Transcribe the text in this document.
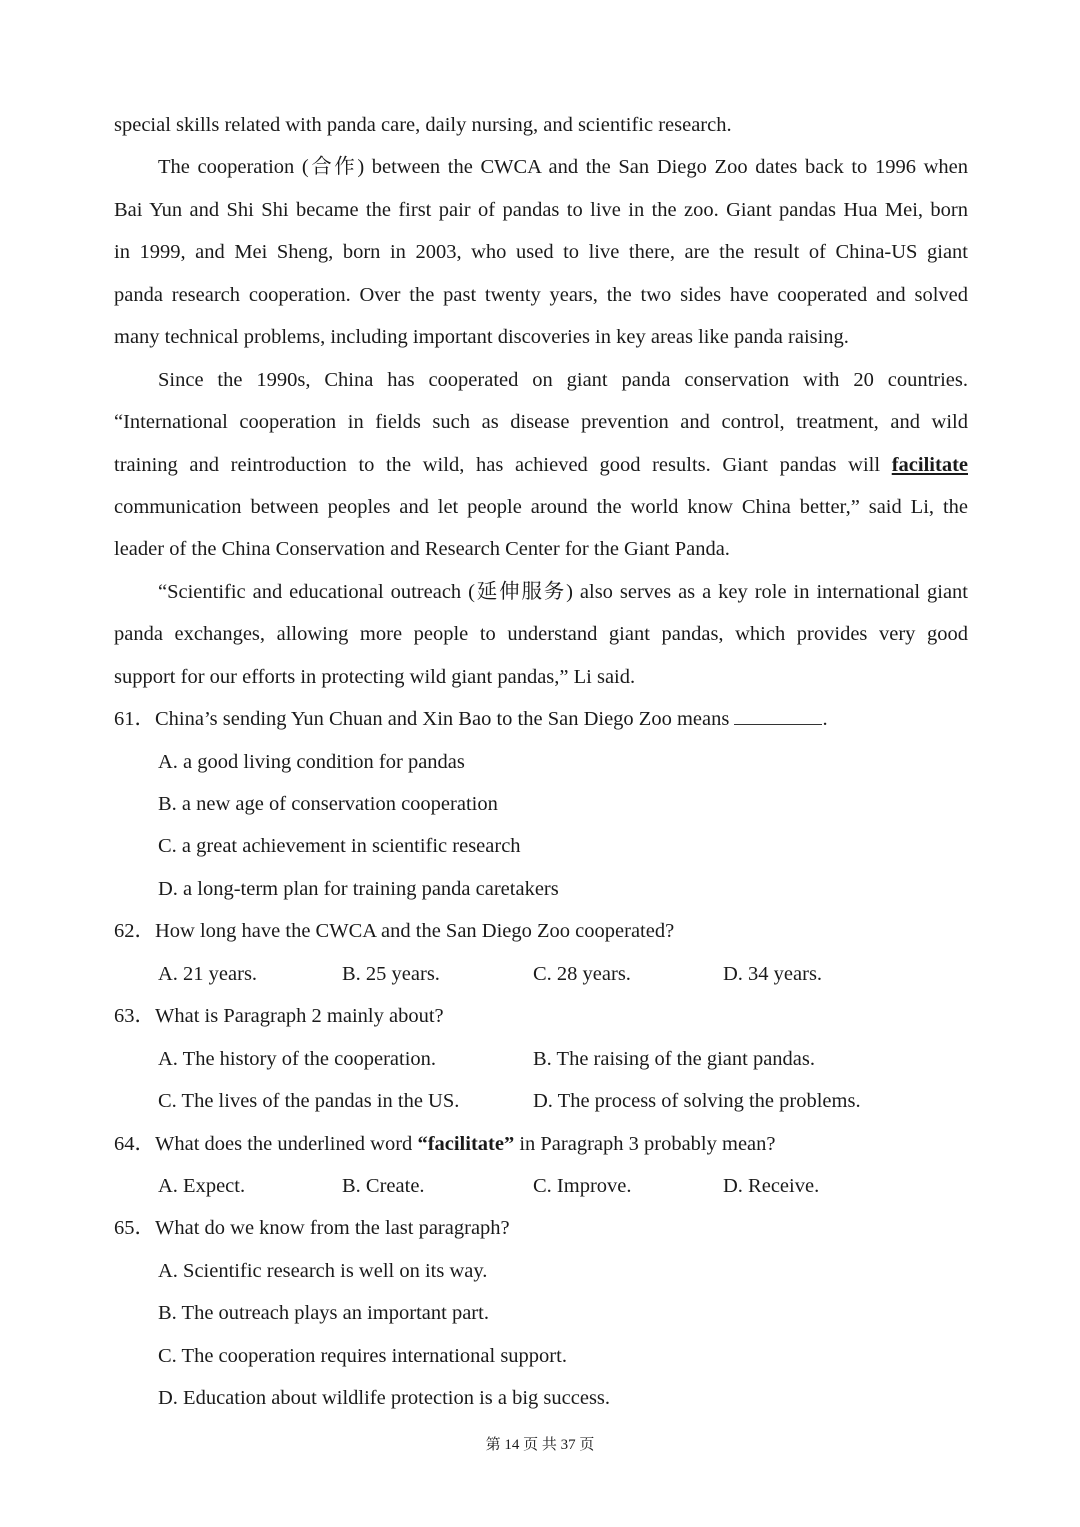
special skills related with panda care, daily nursing, and scientific research.
The cooperation (合作) between the CWCA and the San Diego Zoo dates back to 1996 when
Bai Yun and Shi Shi became the first pair of pandas to live in the zoo. Giant pandas Hua Mei, born
in 1999, and Mei Sheng, born in 2003, who used to live there, are the result of China-US giant
panda research cooperation. Over the past twenty years, the two sides have cooperated and solved
many technical problems, including important discoveries in key areas like panda raising.
Since the 1990s, China has cooperated on giant panda conservation with 20 countries.
“International cooperation in fields such as disease prevention and control, treatment, and wild
training and reintroduction to the wild, has achieved good results. Giant pandas will facilitate
communication between peoples and let people around the world know China better,” said Li, the
leader of the China Conservation and Research Center for the Giant Panda.
“Scientific and educational outreach (延伸服务) also serves as a key role in international giant
panda exchanges, allowing more people to understand giant pandas, which provides very good
support for our efforts in protecting wild giant pandas,” Li said.
61．China’s sending Yun Chuan and Xin Bao to the San Diego Zoo means	.
A. a good living condition for pandas
B. a new age of conservation cooperation
C. a great achievement in scientific research
D. a long-term plan for training panda caretakers
62．How long have the CWCA and the San Diego Zoo cooperated?
A. 21 years.	B. 25 years.	C. 28 years.	D. 34 years.
63．What is Paragraph 2 mainly about?
A. The history of the cooperation.	B. The raising of the giant pandas.
C. The lives of the pandas in the US.	D. The process of solving the problems.
64．What does the underlined word “facilitate” in Paragraph 3 probably mean?
A. Expect.	B. Create.	C. Improve.	D. Receive.
65．What do we know from the last paragraph?
A. Scientific research is well on its way.
B. The outreach plays an important part.
C. The cooperation requires international support.
D. Education about wildlife protection is a big success.
第 14 页 共 37 页
